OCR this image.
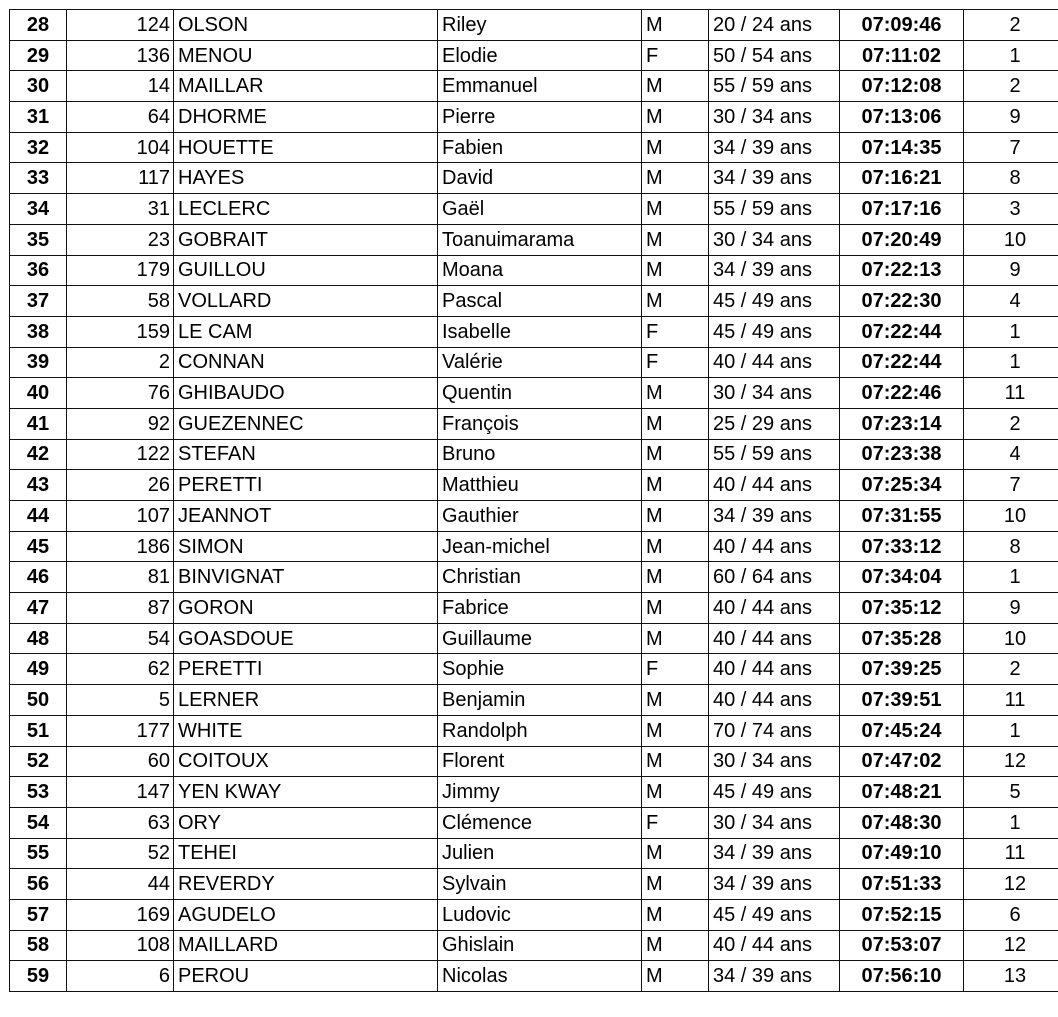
28	124	OLSON	Riley	M	20 / 24 ans	07:09:46	2
29	136	MENOU	Elodie	F	50 / 54 ans	07:11:02	1
30	14	MAILLAR	Emmanuel	M	55 / 59 ans	07:12:08	2
31	64	DHORME	Pierre	M	30 / 34 ans	07:13:06	9
32	104	HOUETTE	Fabien	M	34 / 39 ans	07:14:35	7
33	117	HAYES	David	M	34 / 39 ans	07:16:21	8
34	31	LECLERC	Gaël	M	55 / 59 ans	07:17:16	3
35	23	GOBRAIT	Toanuimarama	M	30 / 34 ans	07:20:49	10
36	179	GUILLOU	Moana	M	34 / 39 ans	07:22:13	9
37	58	VOLLARD	Pascal	M	45 / 49 ans	07:22:30	4
38	159	LE CAM	Isabelle	F	45 / 49 ans	07:22:44	1
39	2	CONNAN	Valérie	F	40 / 44 ans	07:22:44	1
40	76	GHIBAUDO	Quentin	M	30 / 34 ans	07:22:46	11
41	92	GUEZENNEC	François	M	25 / 29 ans	07:23:14	2
42	122	STEFAN	Bruno	M	55 / 59 ans	07:23:38	4
43	26	PERETTI	Matthieu	M	40 / 44 ans	07:25:34	7
44	107	JEANNOT	Gauthier	M	34 / 39 ans	07:31:55	10
45	186	SIMON	Jean-michel	M	40 / 44 ans	07:33:12	8
46	81	BINVIGNAT	Christian	M	60 / 64 ans	07:34:04	1
47	87	GORON	Fabrice	M	40 / 44 ans	07:35:12	9
48	54	GOASDOUE	Guillaume	M	40 / 44 ans	07:35:28	10
49	62	PERETTI	Sophie	F	40 / 44 ans	07:39:25	2
50	5	LERNER	Benjamin	M	40 / 44 ans	07:39:51	11
51	177	WHITE	Randolph	M	70 / 74 ans	07:45:24	1
52	60	COITOUX	Florent	M	30 / 34 ans	07:47:02	12
53	147	YEN KWAY	Jimmy	M	45 / 49 ans	07:48:21	5
54	63	ORY	Clémence	F	30 / 34 ans	07:48:30	1
55	52	TEHEI	Julien	M	34 / 39 ans	07:49:10	11
56	44	REVERDY	Sylvain	M	34 / 39 ans	07:51:33	12
57	169	AGUDELO	Ludovic	M	45 / 49 ans	07:52:15	6
58	108	MAILLARD	Ghislain	M	40 / 44 ans	07:53:07	12
59	6	PEROU	Nicolas	M	34 / 39 ans	07:56:10	13
